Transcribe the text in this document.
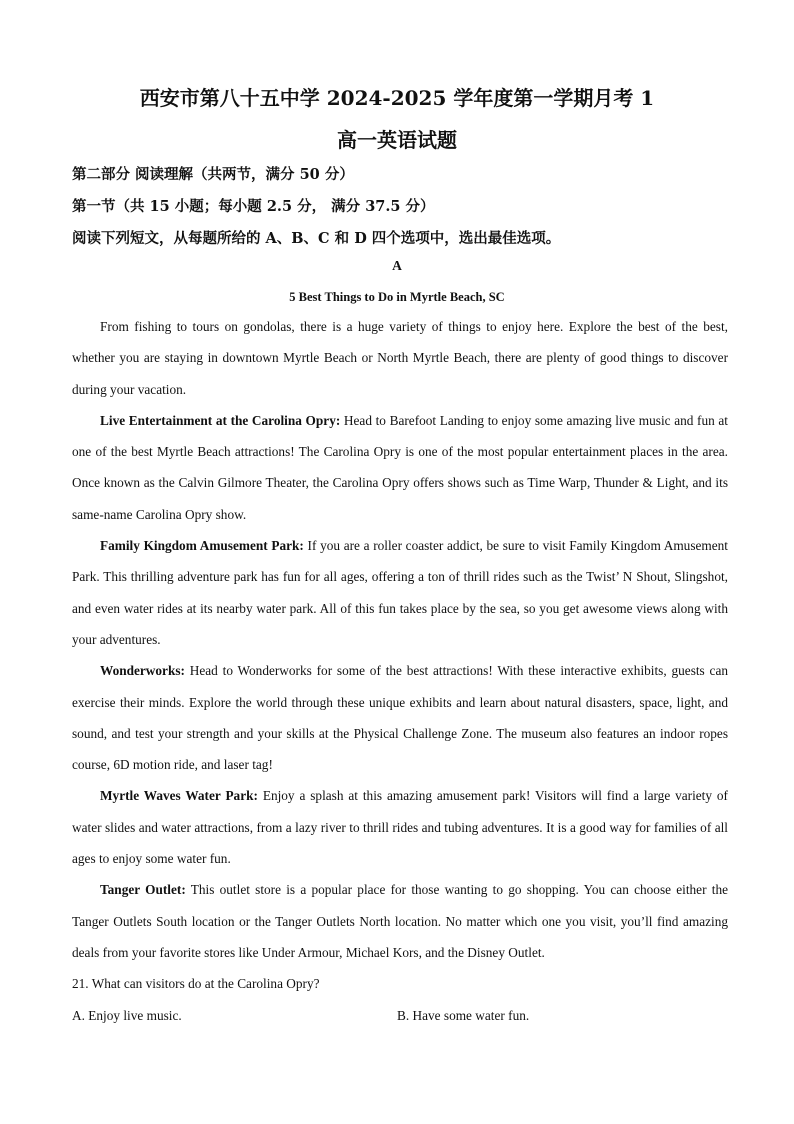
西安市第八十五中学 2024-2025 学年度第一学期月考 1
高一英语试题
第二部分 阅读理解（共两节，满分 50 分）
第一节（共 15 小题；每小题 2.5 分， 满分 37.5 分）
阅读下列短文，从每题所给的 A、B、C 和 D 四个选项中，选出最佳选项。
A
5 Best Things to Do in Myrtle Beach, SC

From fishing to tours on gondolas, there is a huge variety of things to enjoy here. Explore the best of the best, whether you are staying in downtown Myrtle Beach or North Myrtle Beach, there are plenty of good things to discover during your vacation.

Live Entertainment at the Carolina Opry: Head to Barefoot Landing to enjoy some amazing live music and fun at one of the best Myrtle Beach attractions! The Carolina Opry is one of the most popular entertainment places in the area. Once known as the Calvin Gilmore Theater, the Carolina Opry offers shows such as Time Warp, Thunder & Light, and its same-name Carolina Opry show.

Family Kingdom Amusement Park: If you are a roller coaster addict, be sure to visit Family Kingdom Amusement Park. This thrilling adventure park has fun for all ages, offering a ton of thrill rides such as the Twist’ N Shout, Slingshot, and even water rides at its nearby water park. All of this fun takes place by the sea, so you get awesome views along with your adventures.

Wonderworks: Head to Wonderworks for some of the best attractions! With these interactive exhibits, guests can exercise their minds. Explore the world through these unique exhibits and learn about natural disasters, space, light, and sound, and test your strength and your skills at the Physical Challenge Zone. The museum also features an indoor ropes course, 6D motion ride, and laser tag!

Myrtle Waves Water Park: Enjoy a splash at this amazing amusement park! Visitors will find a large variety of water slides and water attractions, from a lazy river to thrill rides and tubing adventures. It is a good way for families of all ages to enjoy some water fun.

Tanger Outlet: This outlet store is a popular place for those wanting to go shopping. You can choose either the Tanger Outlets South location or the Tanger Outlets North location. No matter which one you visit, you’ll find amazing deals from your favorite stores like Under Armour, Michael Kors, and the Disney Outlet.

21. What can visitors do at the Carolina Opry?
A. Enjoy live music.	B. Have some water fun.
